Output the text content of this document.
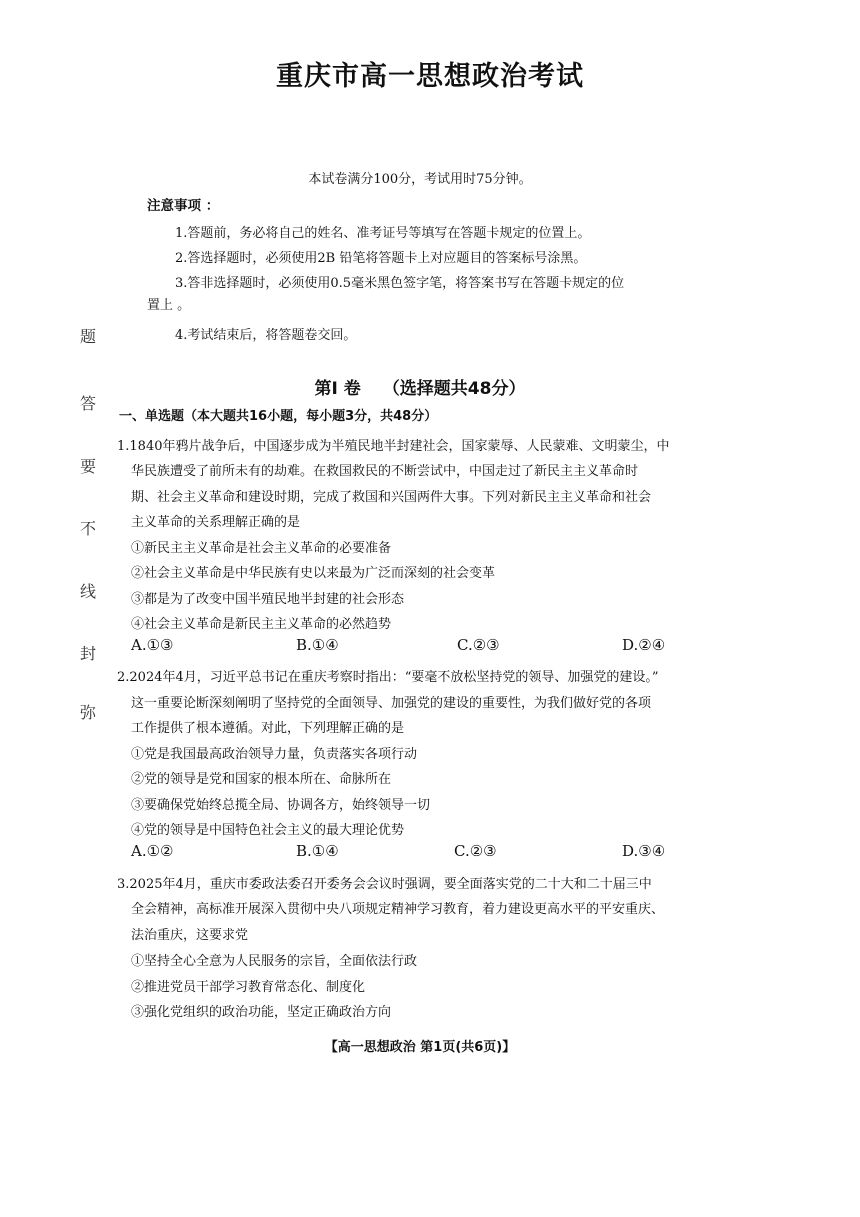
重庆市高一思想政治考试
本试卷满分100分，考试用时75分钟。
注意事项 ：
1.答题前，务必将自己的姓名、准考证号等填写在答题卡规定的位置上。
2.答选择题时，必须使用2B 铅笔将答题卡上对应题目的答案标号涂黑。
3.答非选择题时，必须使用0.5毫米黑色签字笔，将答案书写在答题卡规定的位
置上 。
4.考试结束后，将答题卷交回。
题
答
要
不
线
封
弥
第Ⅰ 卷 （选择题共48分）
一、单选题（本大题共16小题，每小题3分，共48分）
1.1840年鸦片战争后，中国逐步成为半殖民地半封建社会，国家蒙辱、人民蒙难、文明蒙尘，中
华民族遭受了前所未有的劫难。在救国救民的不断尝试中，中国走过了新民主主义革命时
期、社会主义革命和建设时期，完成了救国和兴国两件大事。下列对新民主主义革命和社会
主义革命的关系理解正确的是
①新民主主义革命是社会主义革命的必要准备
②社会主义革命是中华民族有史以来最为广泛而深刻的社会变革
③都是为了改变中国半殖民地半封建的社会形态
④社会主义革命是新民主主义革命的必然趋势
A.①③	B.①④	C.②③	D.②④
2.2024年4月，习近平总书记在重庆考察时指出：“要毫不放松坚持党的领导、加强党的建设。”
这一重要论断深刻阐明了坚持党的全面领导、加强党的建设的重要性，为我们做好党的各项
工作提供了根本遵循。对此，下列理解正确的是
①党是我国最高政治领导力量，负责落实各项行动
②党的领导是党和国家的根本所在、命脉所在
③要确保党始终总揽全局、协调各方，始终领导一切
④党的领导是中国特色社会主义的最大理论优势
A.①②	B.①④	C.②③	D.③④
3.2025年4月，重庆市委政法委召开委务会会议时强调，要全面落实党的二十大和二十届三中
全会精神，高标准开展深入贯彻中央八项规定精神学习教育，着力建设更高水平的平安重庆、
法治重庆，这要求党
①坚持全心全意为人民服务的宗旨，全面依法行政
②推进党员干部学习教育常态化、制度化
③强化党组织的政治功能，坚定正确政治方向
【高一思想政治 第1页(共6页)】
